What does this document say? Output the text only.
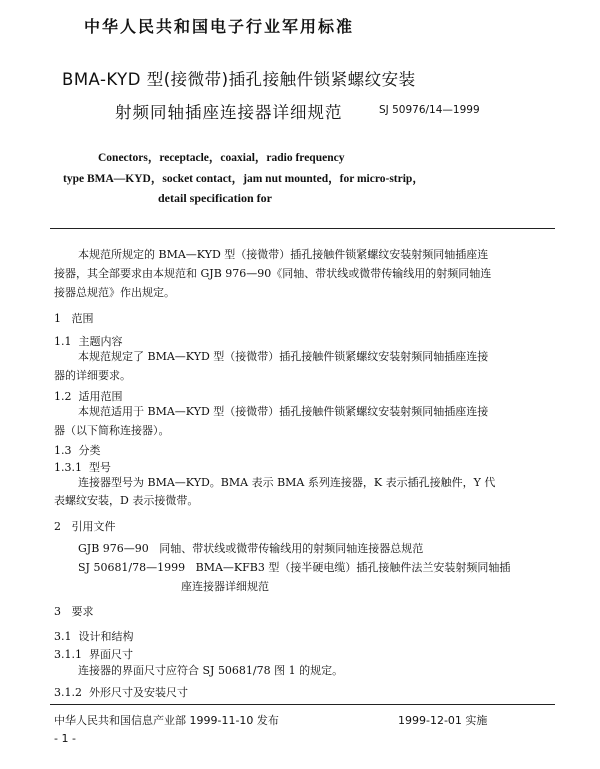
中华人民共和国电子行业军用标准
BMA-KYD 型(接微带)插孔接触件锁紧螺纹安装
射频同轴插座连接器详细规范	SJ 50976/14—1999
Conectors，receptacle，coaxial，radio frequency
type BMA—KYD，socket contact，jam nut mounted，for micro-strip，
detail specification for
本规范所规定的 BMA—KYD 型（接微带）插孔接触件锁紧螺纹安装射频同轴插座连
接器，其全部要求由本规范和 GJB 976—90《同轴、带状线或微带传输线用的射频同轴连
接器总规范》作出规定。
1 范围
1.1 主题内容
本规范规定了 BMA—KYD 型（接微带）插孔接触件锁紧螺纹安装射频同轴插座连接
器的详细要求。
1.2 适用范围
本规范适用于 BMA—KYD 型（接微带）插孔接触件锁紧螺纹安装射频同轴插座连接
器（以下简称连接器）。
1.3 分类
1.3.1 型号
连接器型号为 BMA—KYD。BMA 表示 BMA 系列连接器，K 表示插孔接触件，Y 代
表螺纹安装，D 表示接微带。
2 引用文件
GJB 976—90 同轴、带状线或微带传输线用的射频同轴连接器总规范
SJ 50681/78—1999 BMA—KFB3 型（接半硬电缆）插孔接触件法兰安装射频同轴插
座连接器详细规范
3 要求
3.1 设计和结构
3.1.1 界面尺寸
连接器的界面尺寸应符合 SJ 50681/78 图 1 的规定。
3.1.2 外形尺寸及安装尺寸
中华人民共和国信息产业部 1999-11-10 发布	1999-12-01 实施
- 1 -
